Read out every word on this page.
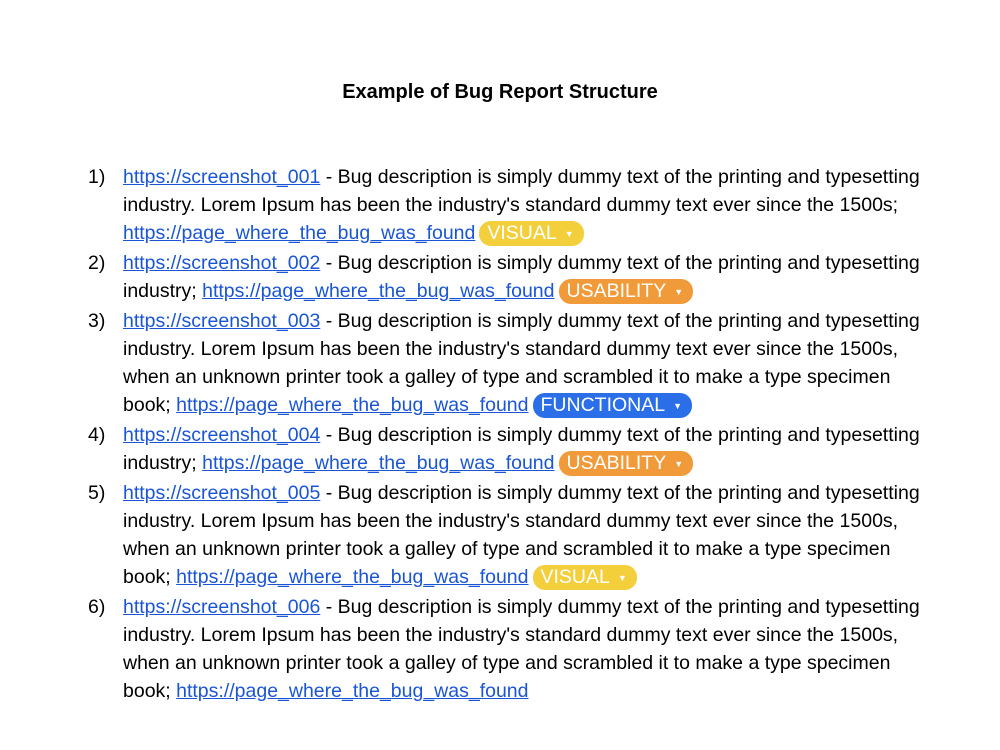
Example of Bug Report Structure
1) https://screenshot_001 - Bug description is simply dummy text of the printing and typesetting industry. Lorem Ipsum has been the industry's standard dummy text ever since the 1500s; https://page_where_the_bug_was_found VISUAL ▼
2) https://screenshot_002 - Bug description is simply dummy text of the printing and typesetting industry; https://page_where_the_bug_was_found USABILITY ▼
3) https://screenshot_003 - Bug description is simply dummy text of the printing and typesetting industry. Lorem Ipsum has been the industry's standard dummy text ever since the 1500s, when an unknown printer took a galley of type and scrambled it to make a type specimen book; https://page_where_the_bug_was_found FUNCTIONAL ▼
4) https://screenshot_004 - Bug description is simply dummy text of the printing and typesetting industry; https://page_where_the_bug_was_found USABILITY ▼
5) https://screenshot_005 - Bug description is simply dummy text of the printing and typesetting industry. Lorem Ipsum has been the industry's standard dummy text ever since the 1500s, when an unknown printer took a galley of type and scrambled it to make a type specimen book; https://page_where_the_bug_was_found VISUAL ▼
6) https://screenshot_006 - Bug description is simply dummy text of the printing and typesetting industry. Lorem Ipsum has been the industry's standard dummy text ever since the 1500s, when an unknown printer took a galley of type and scrambled it to make a type specimen book; https://page_where_the_bug_was_found
